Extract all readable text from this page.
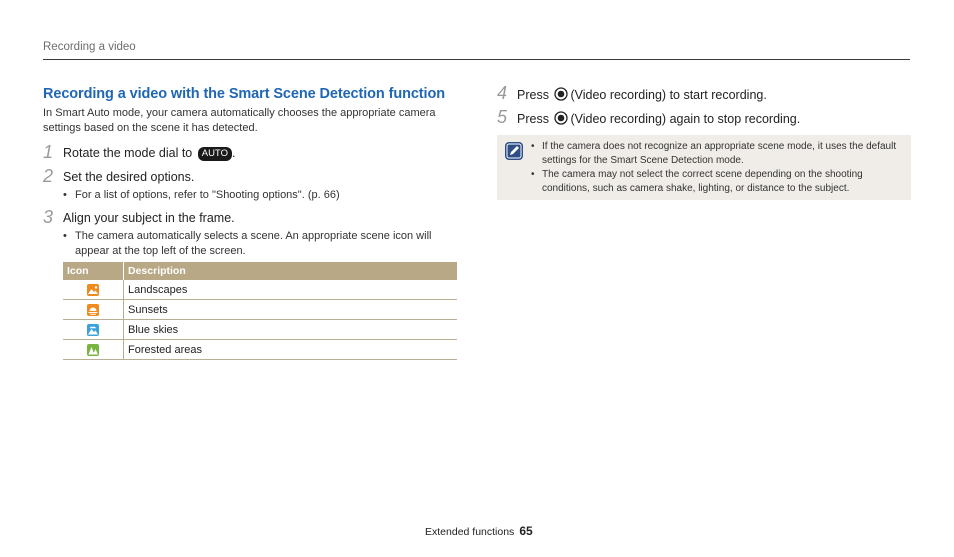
Recording a video
Recording a video with the Smart Scene Detection function

In Smart Auto mode, your camera automatically chooses the appropriate camera settings based on the scene it has detected.

1 Rotate the mode dial to AUTO .
2 Set the desired options.
• For a list of options, refer to "Shooting options". (p. 66)
3 Align your subject in the frame.
• The camera automatically selects a scene. An appropriate scene icon will appear at the top left of the screen.
Icon	Description

	Landscapes

	Sunsets

	Blue skies

	Forested areas
4 Press (Video recording) to start recording.
5 Press (Video recording) again to stop recording.
• If the camera does not recognize an appropriate scene mode, it uses the default settings for the Smart Scene Detection mode.
• The camera may not select the correct scene depending on the shooting conditions, such as camera shake, lighting, or distance to the subject.
Extended functions 65
